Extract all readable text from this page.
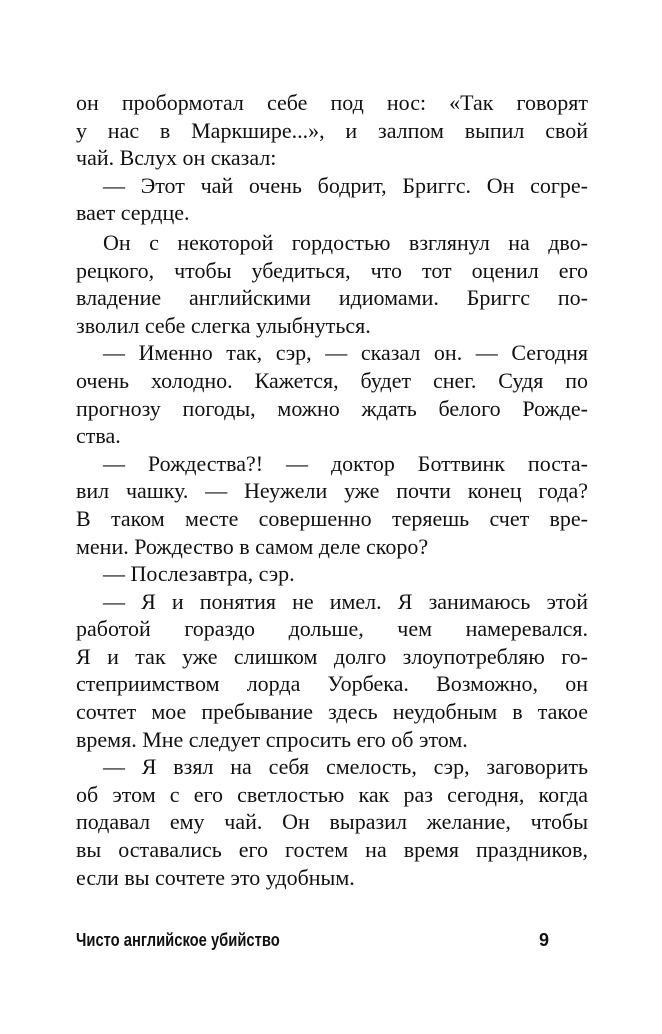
он пробормотал себе под нос: «Так говорят
у нас в Маркшире...», и залпом выпил свой
чай. Вслух он сказал:
— Этот чай очень бодрит, Бриггс. Он согре-
вает сердце.
Он с некоторой гордостью взглянул на дво-
рецкого, чтобы убедиться, что тот оценил его
владение английскими идиомами. Бриггс по-
зволил себе слегка улыбнуться.
— Именно так, сэр, — сказал он. — Сегодня
очень холодно. Кажется, будет снег. Судя по
прогнозу погоды, можно ждать белого Рожде-
ства.
— Рождества?! — доктор Боттвинк поста-
вил чашку. — Неужели уже почти конец года?
В таком месте совершенно теряешь счет вре-
мени. Рождество в самом деле скоро?
— Послезавтра, сэр.
— Я и понятия не имел. Я занимаюсь этой
работой гораздо дольше, чем намеревался.
Я и так уже слишком долго злоупотребляю го-
степриимством лорда Уорбека. Возможно, он
сочтет мое пребывание здесь неудобным в такое
время. Мне следует спросить его об этом.
— Я взял на себя смелость, сэр, заговорить
об этом с его светлостью как раз сегодня, когда
подавал ему чай. Он выразил желание, чтобы
вы оставались его гостем на время праздников,
если вы сочтете это удобным.
Чисто английское убийство	9
